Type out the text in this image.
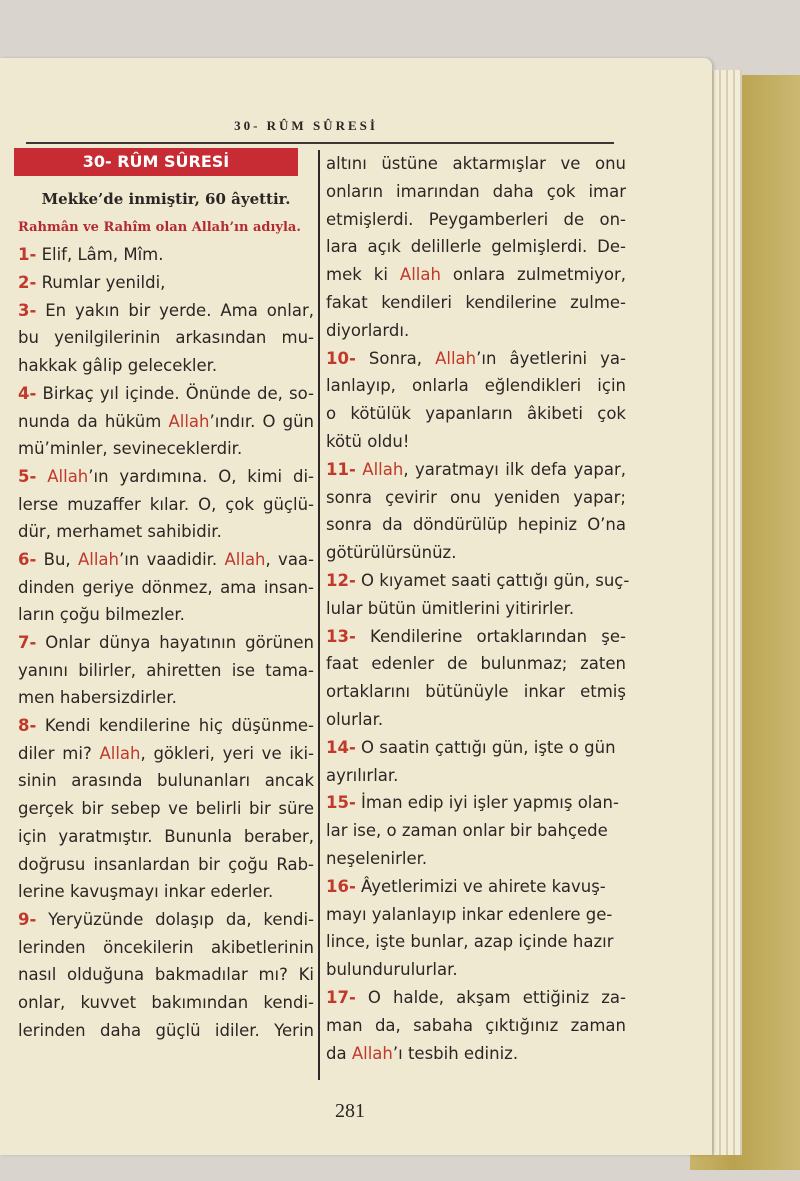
30- RÛM SÛRESİ
30- RÛM SÛRESİ
Mekke’de inmiştir, 60 âyettir.
Rahmân ve Rahîm olan Allah’ın adıyla.
1- Elif, Lâm, Mîm.
2- Rumlar yenildi,
3- En yakın bir yerde. Ama onlar,
bu yenilgilerinin arkasından mu-
hakkak gâlip gelecekler.
4- Birkaç yıl içinde. Önünde de, so-
nunda da hüküm Allah’ındır. O gün
mü’minler, sevineceklerdir.
5- Allah’ın yardımına. O, kimi di-
lerse muzaffer kılar. O, çok güçlü-
dür, merhamet sahibidir.
6- Bu, Allah’ın vaadidir. Allah, vaa-
dinden geriye dönmez, ama insan-
ların çoğu bilmezler.
7- Onlar dünya hayatının görünen
yanını bilirler, ahiretten ise tama-
men habersizdirler.
8- Kendi kendilerine hiç düşünme-
diler mi? Allah, gökleri, yeri ve iki-
sinin arasında bulunanları ancak
gerçek bir sebep ve belirli bir süre
için yaratmıştır. Bununla beraber,
doğrusu insanlardan bir çoğu Rab-
lerine kavuşmayı inkar ederler.
9- Yeryüzünde dolaşıp da, kendi-
lerinden öncekilerin akibetlerinin
nasıl olduğuna bakmadılar mı? Ki
onlar, kuvvet bakımından kendi-
lerinden daha güçlü idiler. Yerin
altını üstüne aktarmışlar ve onu
onların imarından daha çok imar
etmişlerdi. Peygamberleri de on-
lara açık delillerle gelmişlerdi. De-
mek ki Allah onlara zulmetmiyor,
fakat kendileri kendilerine zulme-
diyorlardı.
10- Sonra, Allah’ın âyetlerini ya-
lanlayıp, onlarla eğlendikleri için
o kötülük yapanların âkibeti çok
kötü oldu!
11- Allah, yaratmayı ilk defa yapar,
sonra çevirir onu yeniden yapar;
sonra da döndürülüp hepiniz O’na
götürülürsünüz.
12- O kıyamet saati çattığı gün, suç-
lular bütün ümitlerini yitirirler.
13- Kendilerine ortaklarından şe-
faat edenler de bulunmaz; zaten
ortaklarını bütünüyle inkar etmiş
olurlar.
14- O saatin çattığı gün, işte o gün
ayrılırlar.
15- İman edip iyi işler yapmış olan-
lar ise, o zaman onlar bir bahçede
neşelenirler.
16- Âyetlerimizi ve ahirete kavuş-
mayı yalanlayıp inkar edenlere ge-
lince, işte bunlar, azap içinde hazır
bulundurulurlar.
17- O halde, akşam ettiğiniz za-
man da, sabaha çıktığınız zaman
da Allah’ı tesbih ediniz.
281
